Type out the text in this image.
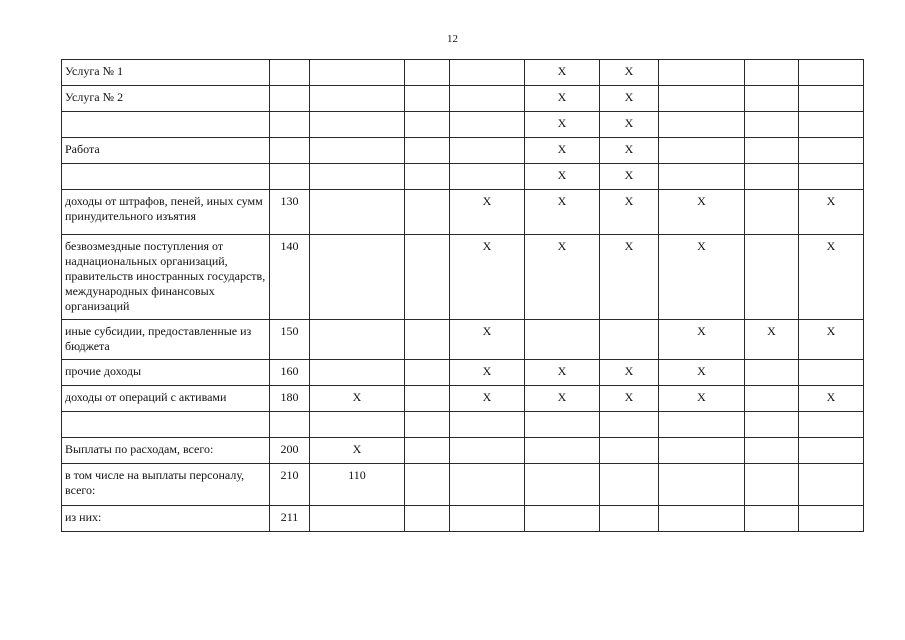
12
Услуга № 1					X	X			
Услуга № 2					X	X			
					X	X			
Работа					X	X			
					X	X			
доходы от штрафов, пеней, иных сумм принудительного изъятия	130			X	X	X	X		X
безвозмездные поступления от наднациональных организаций, правительств иностранных государств, международных финансовых организаций	140			X	X	X	X		X
иные субсидии, предоставленные из бюджета	150			X			X	X	X
прочие доходы	160			X	X	X	X		
доходы от операций с активами	180	X		X	X	X	X		X

Выплаты по расходам, всего:	200	X							
в том числе на выплаты персоналу, всего:	210	110							
из них:	211								
